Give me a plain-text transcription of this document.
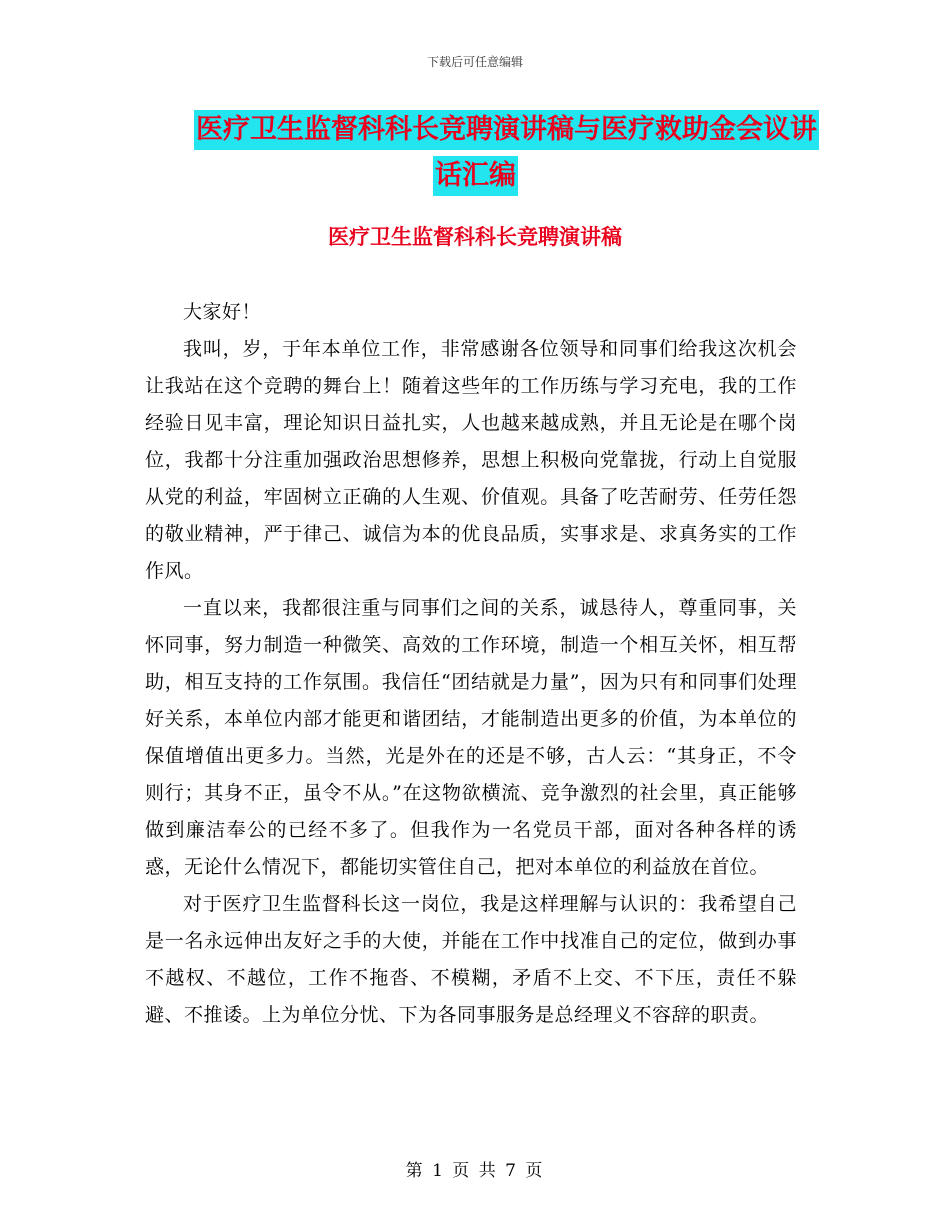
下载后可任意编辑
医疗卫生监督科科长竞聘演讲稿与医疗救助金会议讲
话汇编
医疗卫生监督科科长竞聘演讲稿

大家好！

我叫，岁，于年本单位工作，非常感谢各位领导和同事们给我这次机会让我站在这个竞聘的舞台上！随着这些年的工作历练与学习充电，我的工作经验日见丰富，理论知识日益扎实，人也越来越成熟，并且无论是在哪个岗位，我都十分注重加强政治思想修养，思想上积极向党靠拢，行动上自觉服从党的利益，牢固树立正确的人生观、价值观。具备了吃苦耐劳、任劳任怨的敬业精神，严于律己、诚信为本的优良品质，实事求是、求真务实的工作作风。

一直以来，我都很注重与同事们之间的关系，诚恳待人，尊重同事，关怀同事，努力制造一种微笑、高效的工作环境，制造一个相互关怀，相互帮助，相互支持的工作氛围。我信任“团结就是力量”，因为只有和同事们处理好关系，本单位内部才能更和谐团结，才能制造出更多的价值，为本单位的保值增值出更多力。当然，光是外在的还是不够，古人云：“其身正，不令则行；其身不正，虽令不从。”在这物欲横流、竞争激烈的社会里，真正能够做到廉洁奉公的已经不多了。但我作为一名党员干部，面对各种各样的诱惑，无论什么情况下，都能切实管住自己，把对本单位的利益放在首位。

对于医疗卫生监督科长这一岗位，我是这样理解与认识的：我希望自己是一名永远伸出友好之手的大使，并能在工作中找准自己的定位，做到办事不越权、不越位，工作不拖沓、不模糊，矛盾不上交、不下压，责任不躲避、不推诿。上为单位分忧、下为各同事服务是总经理义不容辞的职责。

第 1 页 共 7 页
